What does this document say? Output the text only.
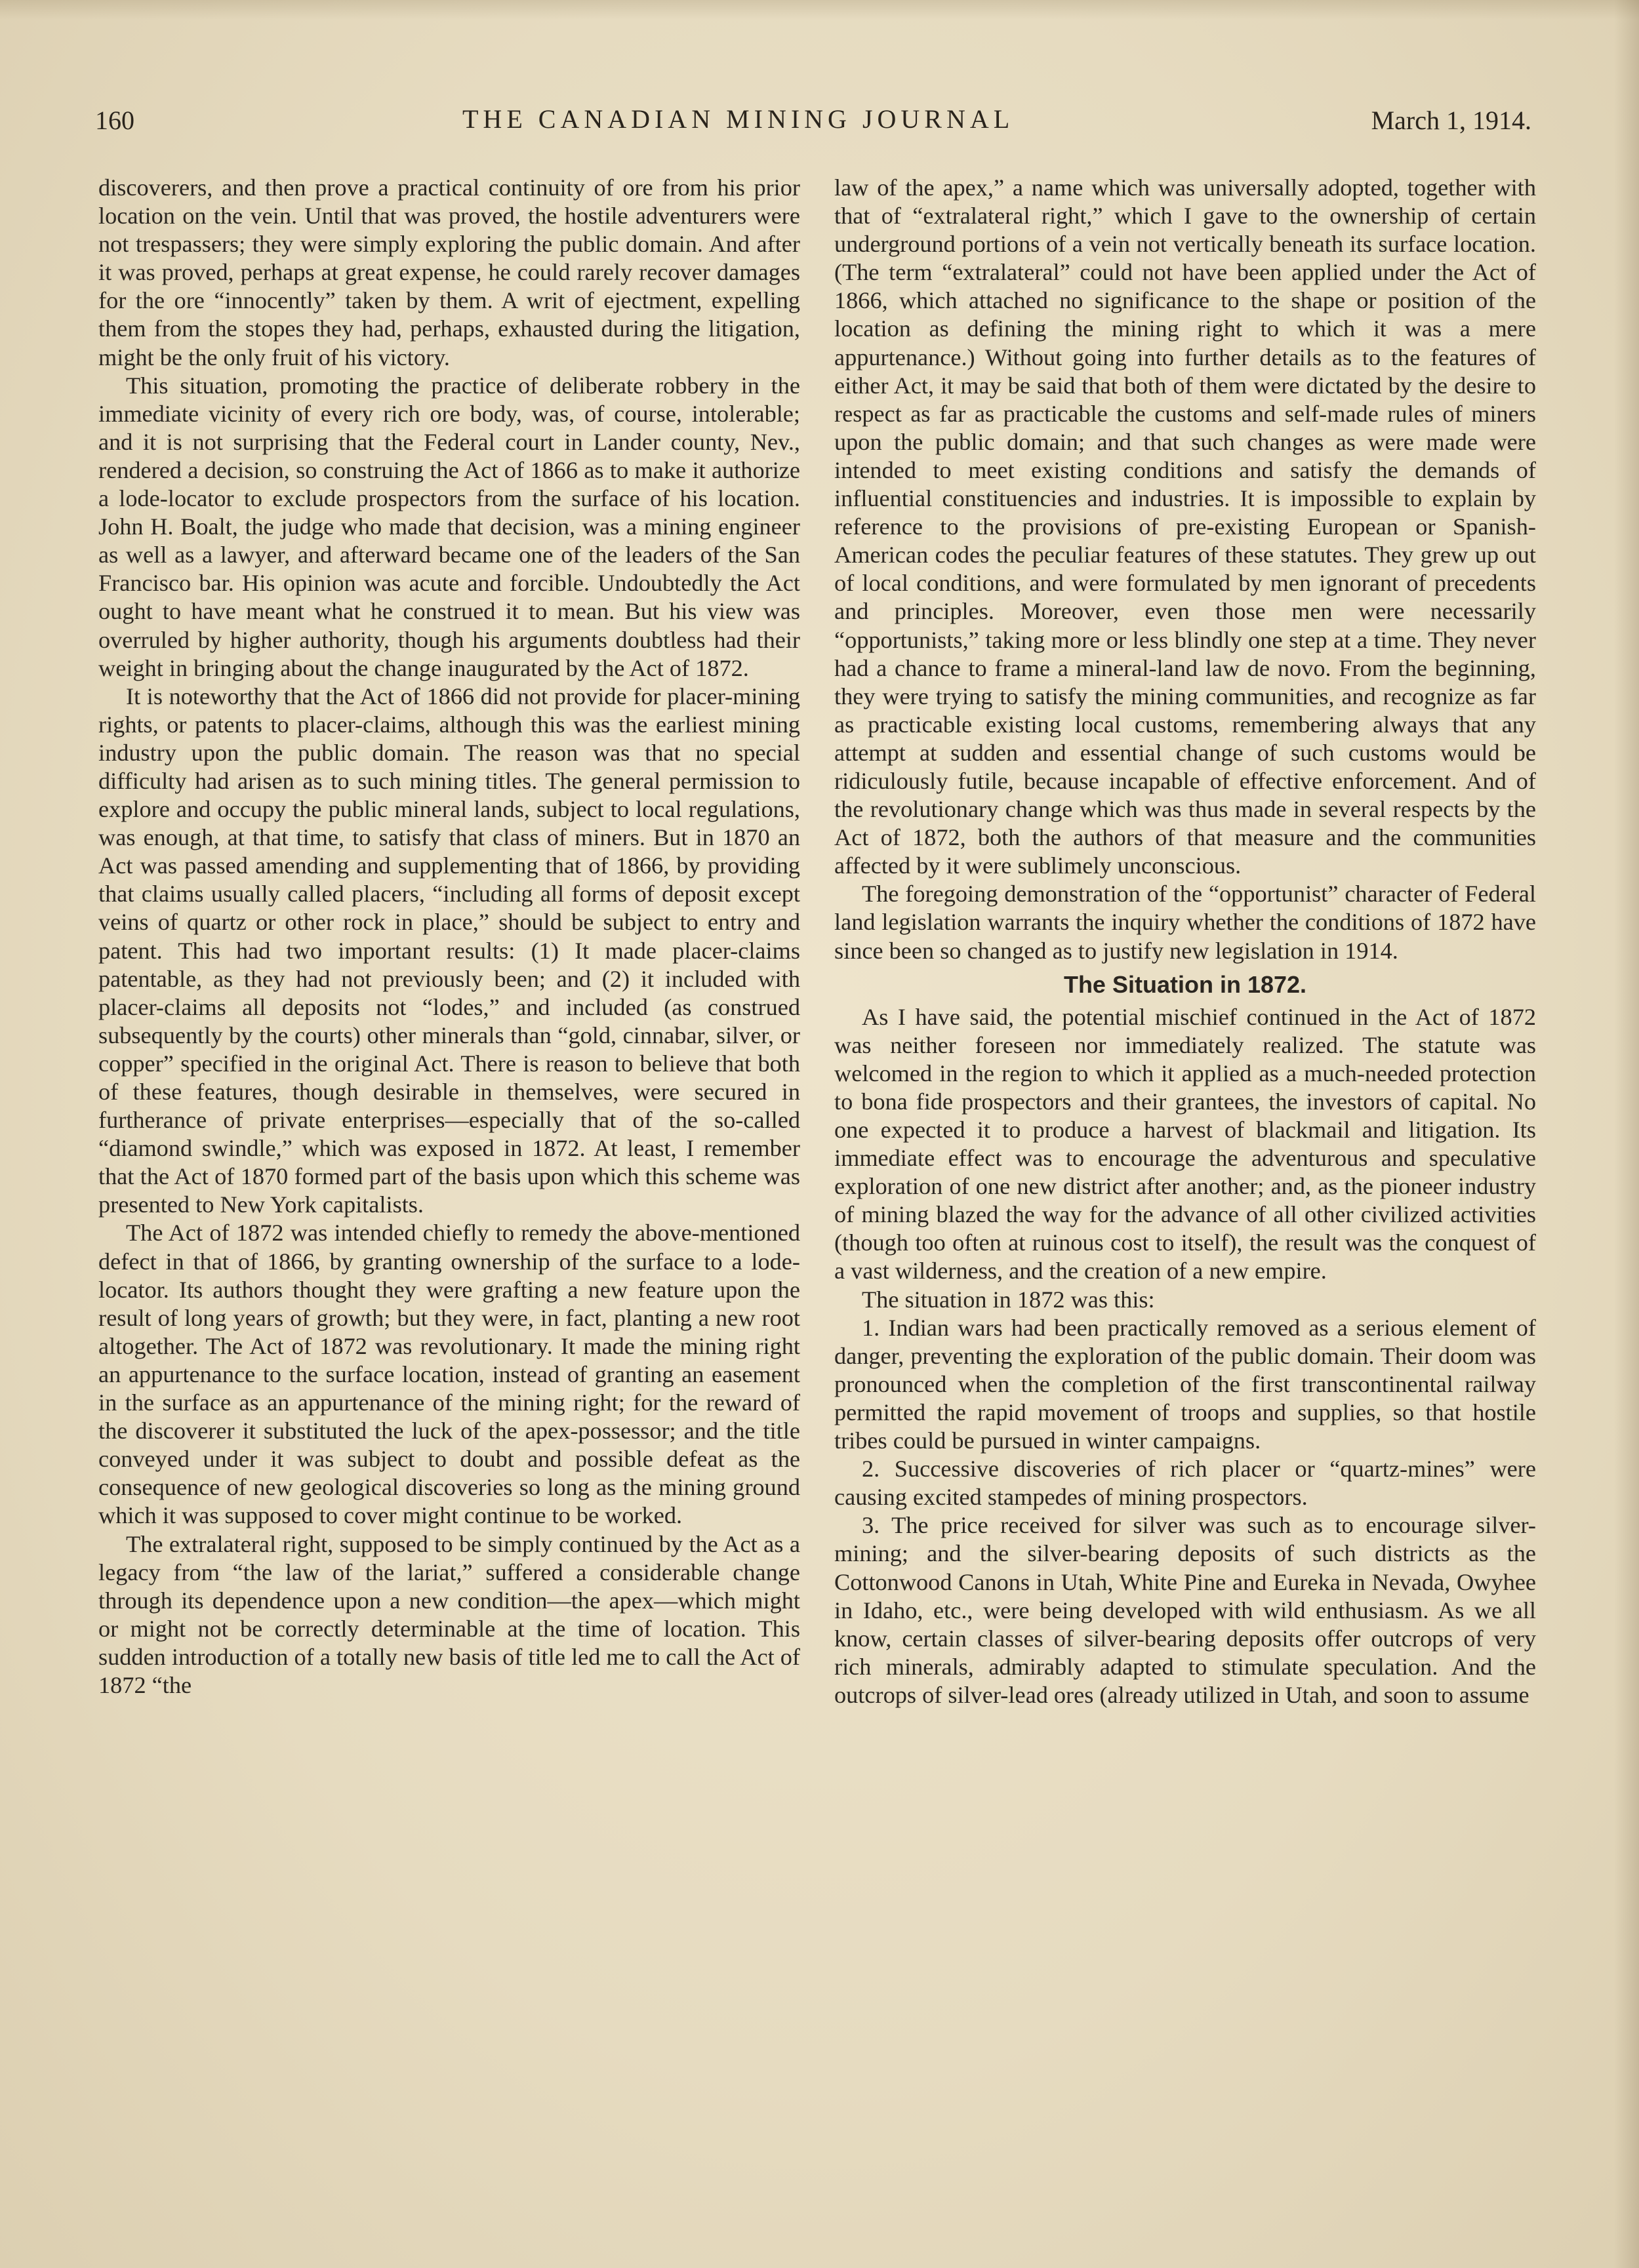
160	THE CANADIAN MINING JOURNAL	March 1, 1914.

discoverers, and then prove a practical continuity of ore from his prior location on the vein. Until that was proved, the hostile adventurers were not trespassers; they were simply exploring the public domain. And after it was proved, perhaps at great expense, he could rarely recover damages for the ore “innocently” taken by them. A writ of ejectment, expelling them from the stopes they had, perhaps, exhausted during the litigation, might be the only fruit of his victory.

This situation, promoting the practice of deliberate robbery in the immediate vicinity of every rich ore body, was, of course, intolerable; and it is not surprising that the Federal court in Lander county, Nev., rendered a decision, so construing the Act of 1866 as to make it authorize a lode-locator to exclude prospectors from the surface of his location. John H. Boalt, the judge who made that decision, was a mining engineer as well as a lawyer, and afterward became one of the leaders of the San Francisco bar. His opinion was acute and forcible. Undoubtedly the Act ought to have meant what he construed it to mean. But his view was overruled by higher authority, though his arguments doubtless had their weight in bringing about the change inaugurated by the Act of 1872.

It is noteworthy that the Act of 1866 did not provide for placer-mining rights, or patents to placer-claims, although this was the earliest mining industry upon the public domain. The reason was that no special difficulty had arisen as to such mining titles. The general permission to explore and occupy the public mineral lands, subject to local regulations, was enough, at that time, to satisfy that class of miners. But in 1870 an Act was passed amending and supplementing that of 1866, by providing that claims usually called placers, “including all forms of deposit except veins of quartz or other rock in place,” should be subject to entry and patent. This had two important results: (1) It made placer-claims patentable, as they had not previously been; and (2) it included with placer-claims all deposits not “lodes,” and included (as construed subsequently by the courts) other minerals than “gold, cinnabar, silver, or copper” specified in the original Act. There is reason to believe that both of these features, though desirable in themselves, were secured in furtherance of private enterprises—especially that of the so-called “diamond swindle,” which was exposed in 1872. At least, I remember that the Act of 1870 formed part of the basis upon which this scheme was presented to New York capitalists.

The Act of 1872 was intended chiefly to remedy the above-mentioned defect in that of 1866, by granting ownership of the surface to a lode-locator. Its authors thought they were grafting a new feature upon the result of long years of growth; but they were, in fact, planting a new root altogether. The Act of 1872 was revolutionary. It made the mining right an appurtenance to the surface location, instead of granting an easement in the surface as an appurtenance of the mining right; for the reward of the discoverer it substituted the luck of the apex-possessor; and the title conveyed under it was subject to doubt and possible defeat as the consequence of new geological discoveries so long as the mining ground which it was supposed to cover might continue to be worked.

The extralateral right, supposed to be simply continued by the Act as a legacy from “the law of the lariat,” suffered a considerable change through its dependence upon a new condition—the apex—which might or might not be correctly determinable at the time of location. This sudden introduction of a totally new basis of title led me to call the Act of 1872 “the

law of the apex,” a name which was universally adopted, together with that of “extralateral right,” which I gave to the ownership of certain underground portions of a vein not vertically beneath its surface location. (The term “extralateral” could not have been applied under the Act of 1866, which attached no significance to the shape or position of the location as defining the mining right to which it was a mere appurtenance.) Without going into further details as to the features of either Act, it may be said that both of them were dictated by the desire to respect as far as practicable the customs and self-made rules of miners upon the public domain; and that such changes as were made were intended to meet existing conditions and satisfy the demands of influential constituencies and industries. It is impossible to explain by reference to the provisions of pre-existing European or Spanish-American codes the peculiar features of these statutes. They grew up out of local conditions, and were formulated by men ignorant of precedents and principles. Moreover, even those men were necessarily “opportunists,” taking more or less blindly one step at a time. They never had a chance to frame a mineral-land law de novo. From the beginning, they were trying to satisfy the mining communities, and recognize as far as practicable existing local customs, remembering always that any attempt at sudden and essential change of such customs would be ridiculously futile, because incapable of effective enforcement. And of the revolutionary change which was thus made in several respects by the Act of 1872, both the authors of that measure and the communities affected by it were sublimely unconscious.

The foregoing demonstration of the “opportunist” character of Federal land legislation warrants the inquiry whether the conditions of 1872 have since been so changed as to justify new legislation in 1914.

The Situation in 1872.

As I have said, the potential mischief continued in the Act of 1872 was neither foreseen nor immediately realized. The statute was welcomed in the region to which it applied as a much-needed protection to bona fide prospectors and their grantees, the investors of capital. No one expected it to produce a harvest of blackmail and litigation. Its immediate effect was to encourage the adventurous and speculative exploration of one new district after another; and, as the pioneer industry of mining blazed the way for the advance of all other civilized activities (though too often at ruinous cost to itself), the result was the conquest of a vast wilderness, and the creation of a new empire.

The situation in 1872 was this:

1. Indian wars had been practically removed as a serious element of danger, preventing the exploration of the public domain. Their doom was pronounced when the completion of the first transcontinental railway permitted the rapid movement of troops and supplies, so that hostile tribes could be pursued in winter campaigns.

2. Successive discoveries of rich placer or “quartz-mines” were causing excited stampedes of mining prospectors.

3. The price received for silver was such as to encourage silver-mining; and the silver-bearing deposits of such districts as the Cottonwood Canons in Utah, White Pine and Eureka in Nevada, Owyhee in Idaho, etc., were being developed with wild enthusiasm. As we all know, certain classes of silver-bearing deposits offer outcrops of very rich minerals, admirably adapted to stimulate speculation. And the outcrops of silver-lead ores (already utilized in Utah, and soon to assume
